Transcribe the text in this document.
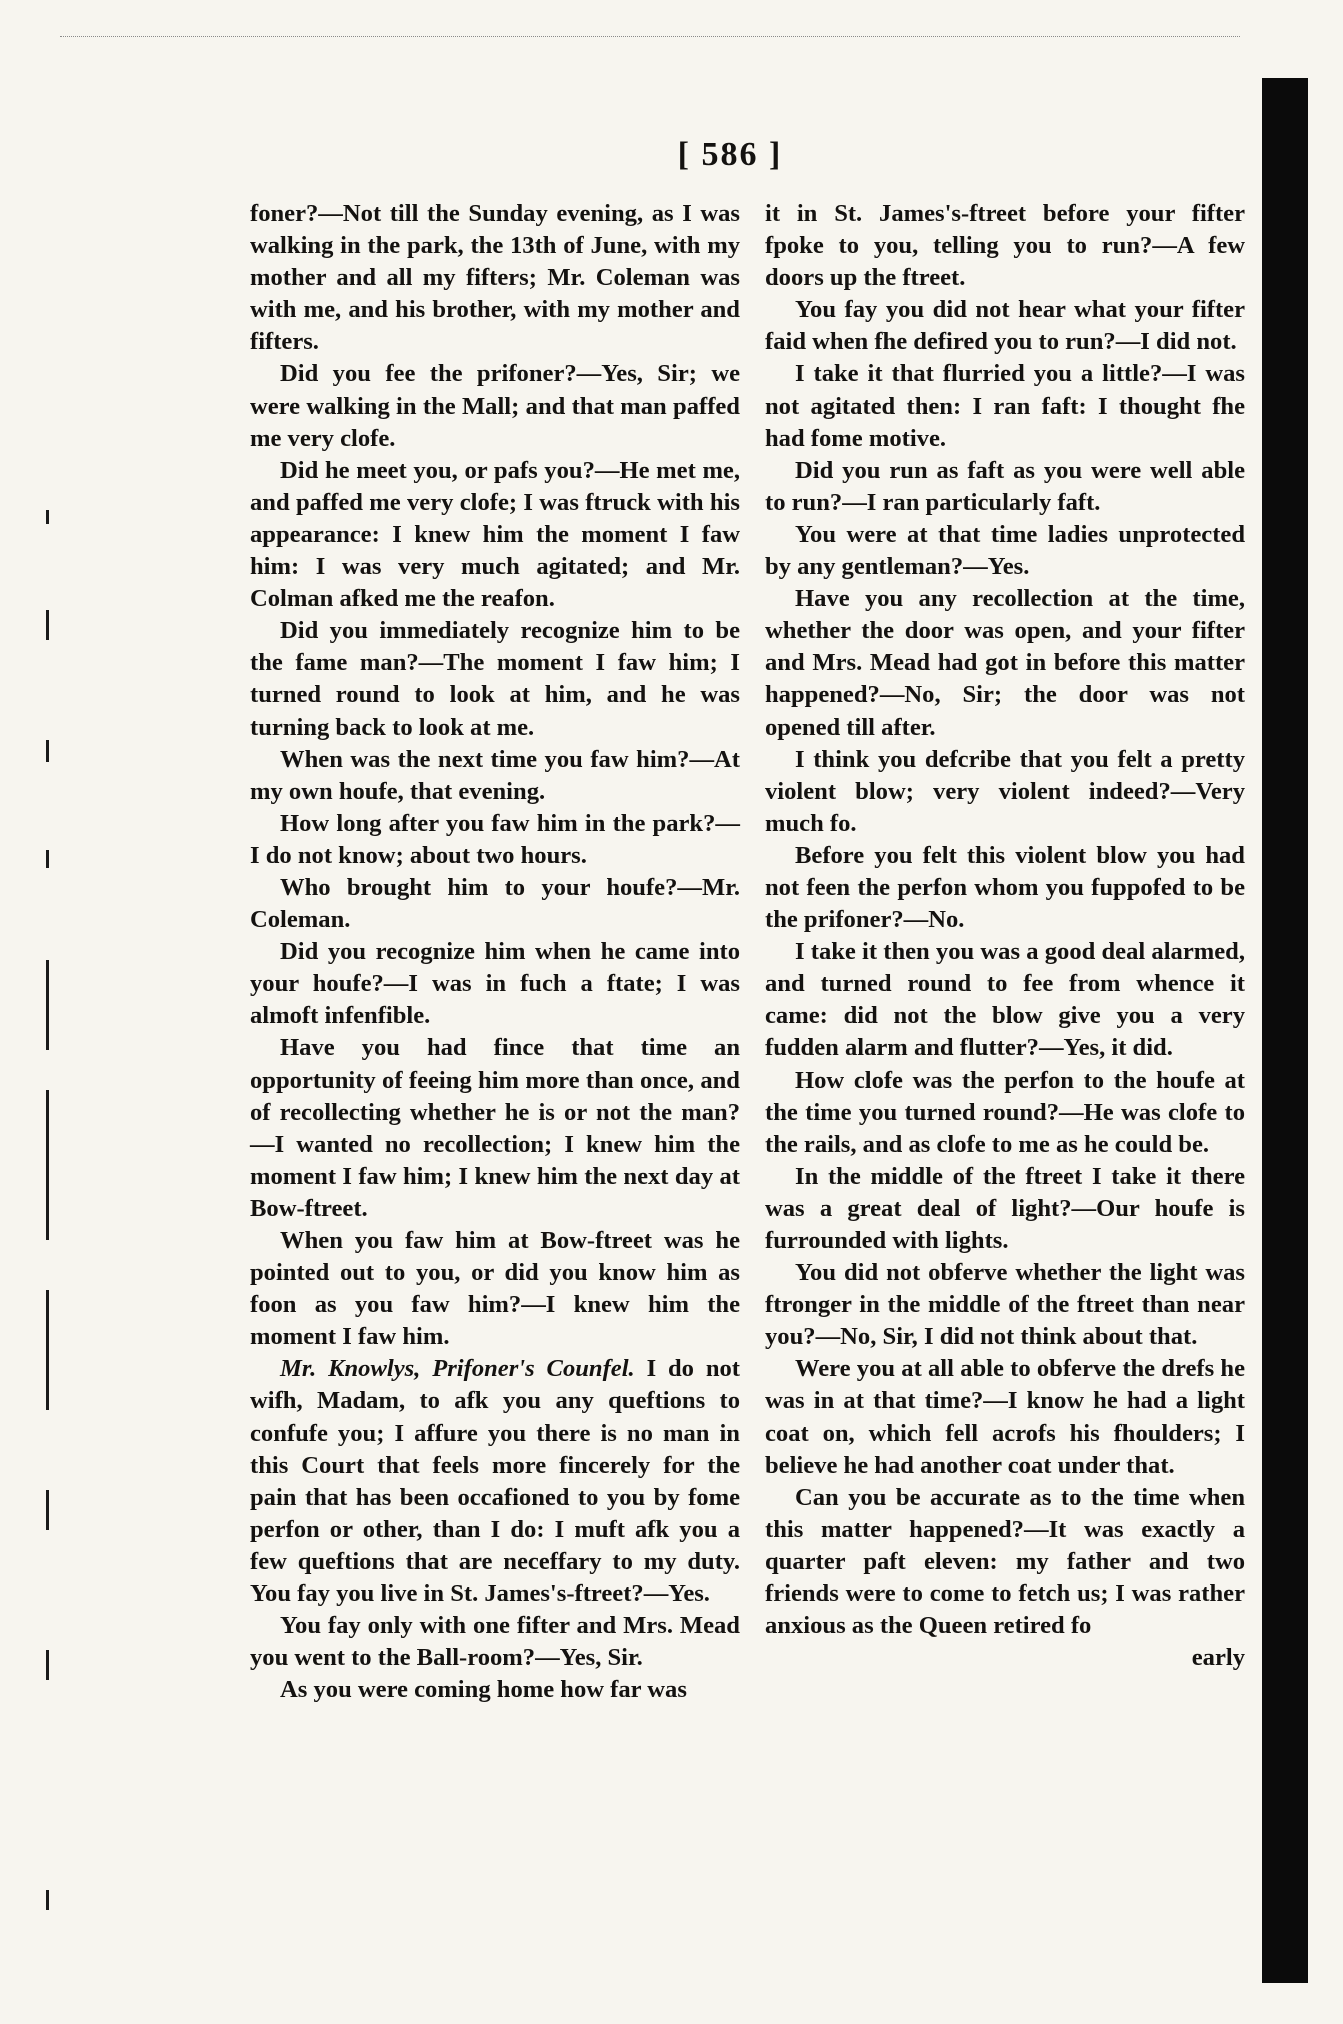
[ 586 ]

foner?—Not till the Sunday evening, as I was walking in the park, the 13th of June, with my mother and all my fifters; Mr. Coleman was with me, and his brother, with my mother and fifters.

Did you fee the prifoner?—Yes, Sir; we were walking in the Mall; and that man paffed me very clofe.

Did he meet you, or pafs you?—He met me, and paffed me very clofe; I was ftruck with his appearance: I knew him the moment I faw him: I was very much agitated; and Mr. Colman afked me the reafon.

Did you immediately recognize him to be the fame man?—The moment I faw him; I turned round to look at him, and he was turning back to look at me.

When was the next time you faw him?—At my own houfe, that evening.

How long after you faw him in the park?—I do not know; about two hours.

Who brought him to your houfe?—Mr. Coleman.

Did you recognize him when he came into your houfe?—I was in fuch a ftate; I was almoft infenfible.

Have you had fince that time an opportunity of feeing him more than once, and of recollecting whether he is or not the man?—I wanted no recollection; I knew him the moment I faw him; I knew him the next day at Bow-ftreet.

When you faw him at Bow-ftreet was he pointed out to you, or did you know him as foon as you faw him?—I knew him the moment I faw him.

Mr. Knowlys, Prifoner's Counfel. I do not wifh, Madam, to afk you any queftions to confufe you; I affure you there is no man in this Court that feels more fincerely for the pain that has been occafioned to you by fome perfon or other, than I do: I muft afk you a few queftions that are neceffary to my duty. You fay you live in St. James's-ftreet?—Yes.

You fay only with one fifter and Mrs. Mead you went to the Ball-room?—Yes, Sir.

As you were coming home how far was

it in St. James's-ftreet before your fifter fpoke to you, telling you to run?—A few doors up the ftreet.

You fay you did not hear what your fifter faid when fhe defired you to run?—I did not.

I take it that flurried you a little?—I was not agitated then: I ran faft: I thought fhe had fome motive.

Did you run as faft as you were well able to run?—I ran particularly faft.

You were at that time ladies unprotected by any gentleman?—Yes.

Have you any recollection at the time, whether the door was open, and your fifter and Mrs. Mead had got in before this matter happened?—No, Sir; the door was not opened till after.

I think you defcribe that you felt a pretty violent blow; very violent indeed?—Very much fo.

Before you felt this violent blow you had not feen the perfon whom you fuppofed to be the prifoner?—No.

I take it then you was a good deal alarmed, and turned round to fee from whence it came: did not the blow give you a very fudden alarm and flutter?—Yes, it did.

How clofe was the perfon to the houfe at the time you turned round?—He was clofe to the rails, and as clofe to me as he could be.

In the middle of the ftreet I take it there was a great deal of light?—Our houfe is furrounded with lights.

You did not obferve whether the light was ftronger in the middle of the ftreet than near you?—No, Sir, I did not think about that.

Were you at all able to obferve the drefs he was in at that time?—I know he had a light coat on, which fell acrofs his fhoulders; I believe he had another coat under that.

Can you be accurate as to the time when this matter happened?—It was exactly a quarter paft eleven: my father and two friends were to come to fetch us; I was rather anxious as the Queen retired fo

early
